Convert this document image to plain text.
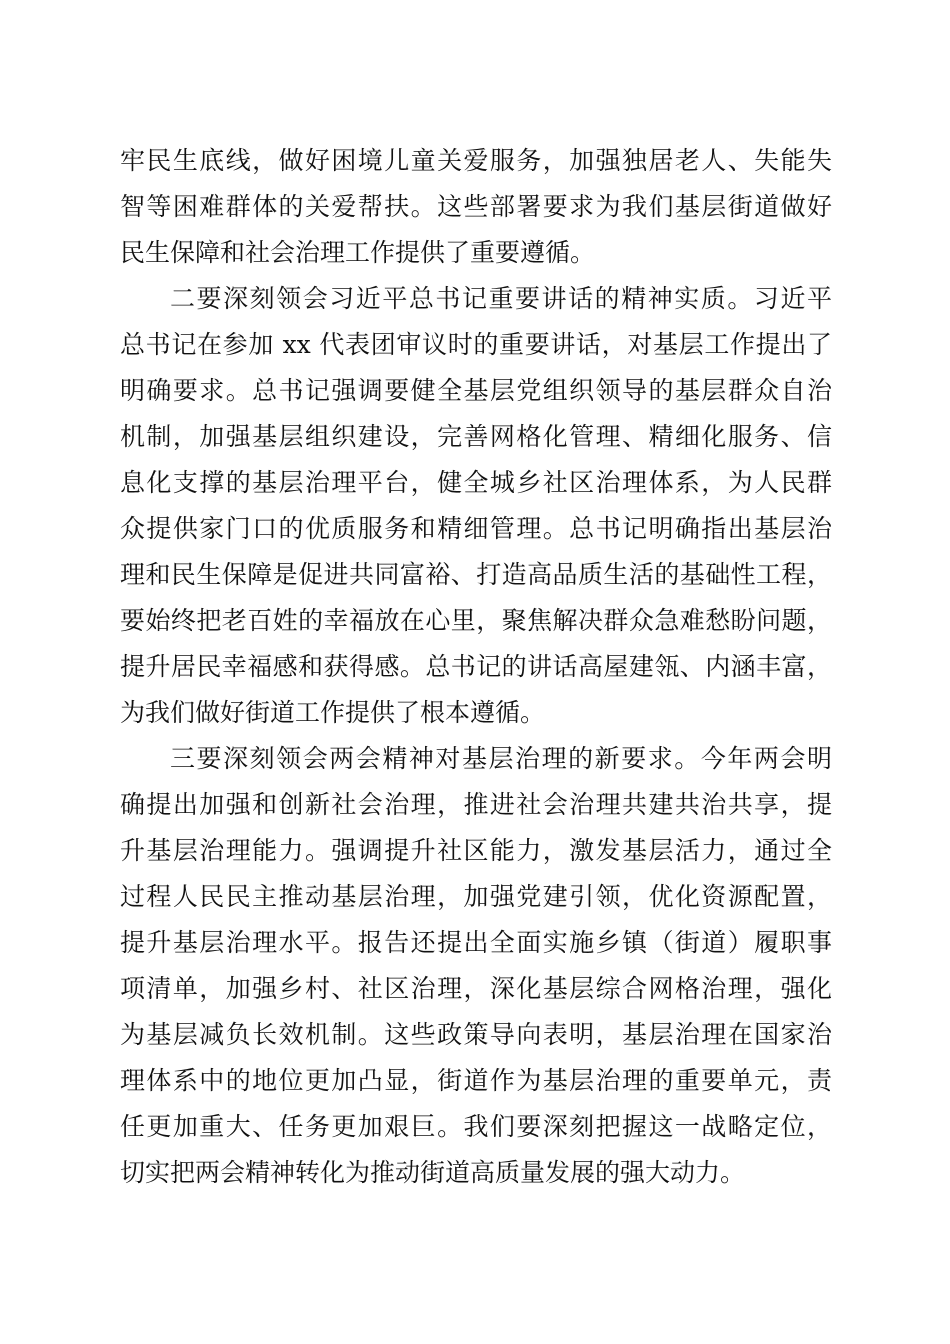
牢民生底线，做好困境儿童关爱服务，加强独居老人、失能失
智等困难群体的关爱帮扶。这些部署要求为我们基层街道做好
民生保障和社会治理工作提供了重要遵循。
二要深刻领会习近平总书记重要讲话的精神实质。习近平
总书记在参加 xx 代表团审议时的重要讲话，对基层工作提出了
明确要求。总书记强调要健全基层党组织领导的基层群众自治
机制，加强基层组织建设，完善网格化管理、精细化服务、信
息化支撑的基层治理平台，健全城乡社区治理体系，为人民群
众提供家门口的优质服务和精细管理。总书记明确指出基层治
理和民生保障是促进共同富裕、打造高品质生活的基础性工程，
要始终把老百姓的幸福放在心里，聚焦解决群众急难愁盼问题，
提升居民幸福感和获得感。总书记的讲话高屋建瓴、内涵丰富，
为我们做好街道工作提供了根本遵循。
三要深刻领会两会精神对基层治理的新要求。今年两会明
确提出加强和创新社会治理，推进社会治理共建共治共享，提
升基层治理能力。强调提升社区能力，激发基层活力，通过全
过程人民民主推动基层治理，加强党建引领，优化资源配置，
提升基层治理水平。报告还提出全面实施乡镇（街道）履职事
项清单，加强乡村、社区治理，深化基层综合网格治理，强化
为基层减负长效机制。这些政策导向表明，基层治理在国家治
理体系中的地位更加凸显，街道作为基层治理的重要单元，责
任更加重大、任务更加艰巨。我们要深刻把握这一战略定位，
切实把两会精神转化为推动街道高质量发展的强大动力。
